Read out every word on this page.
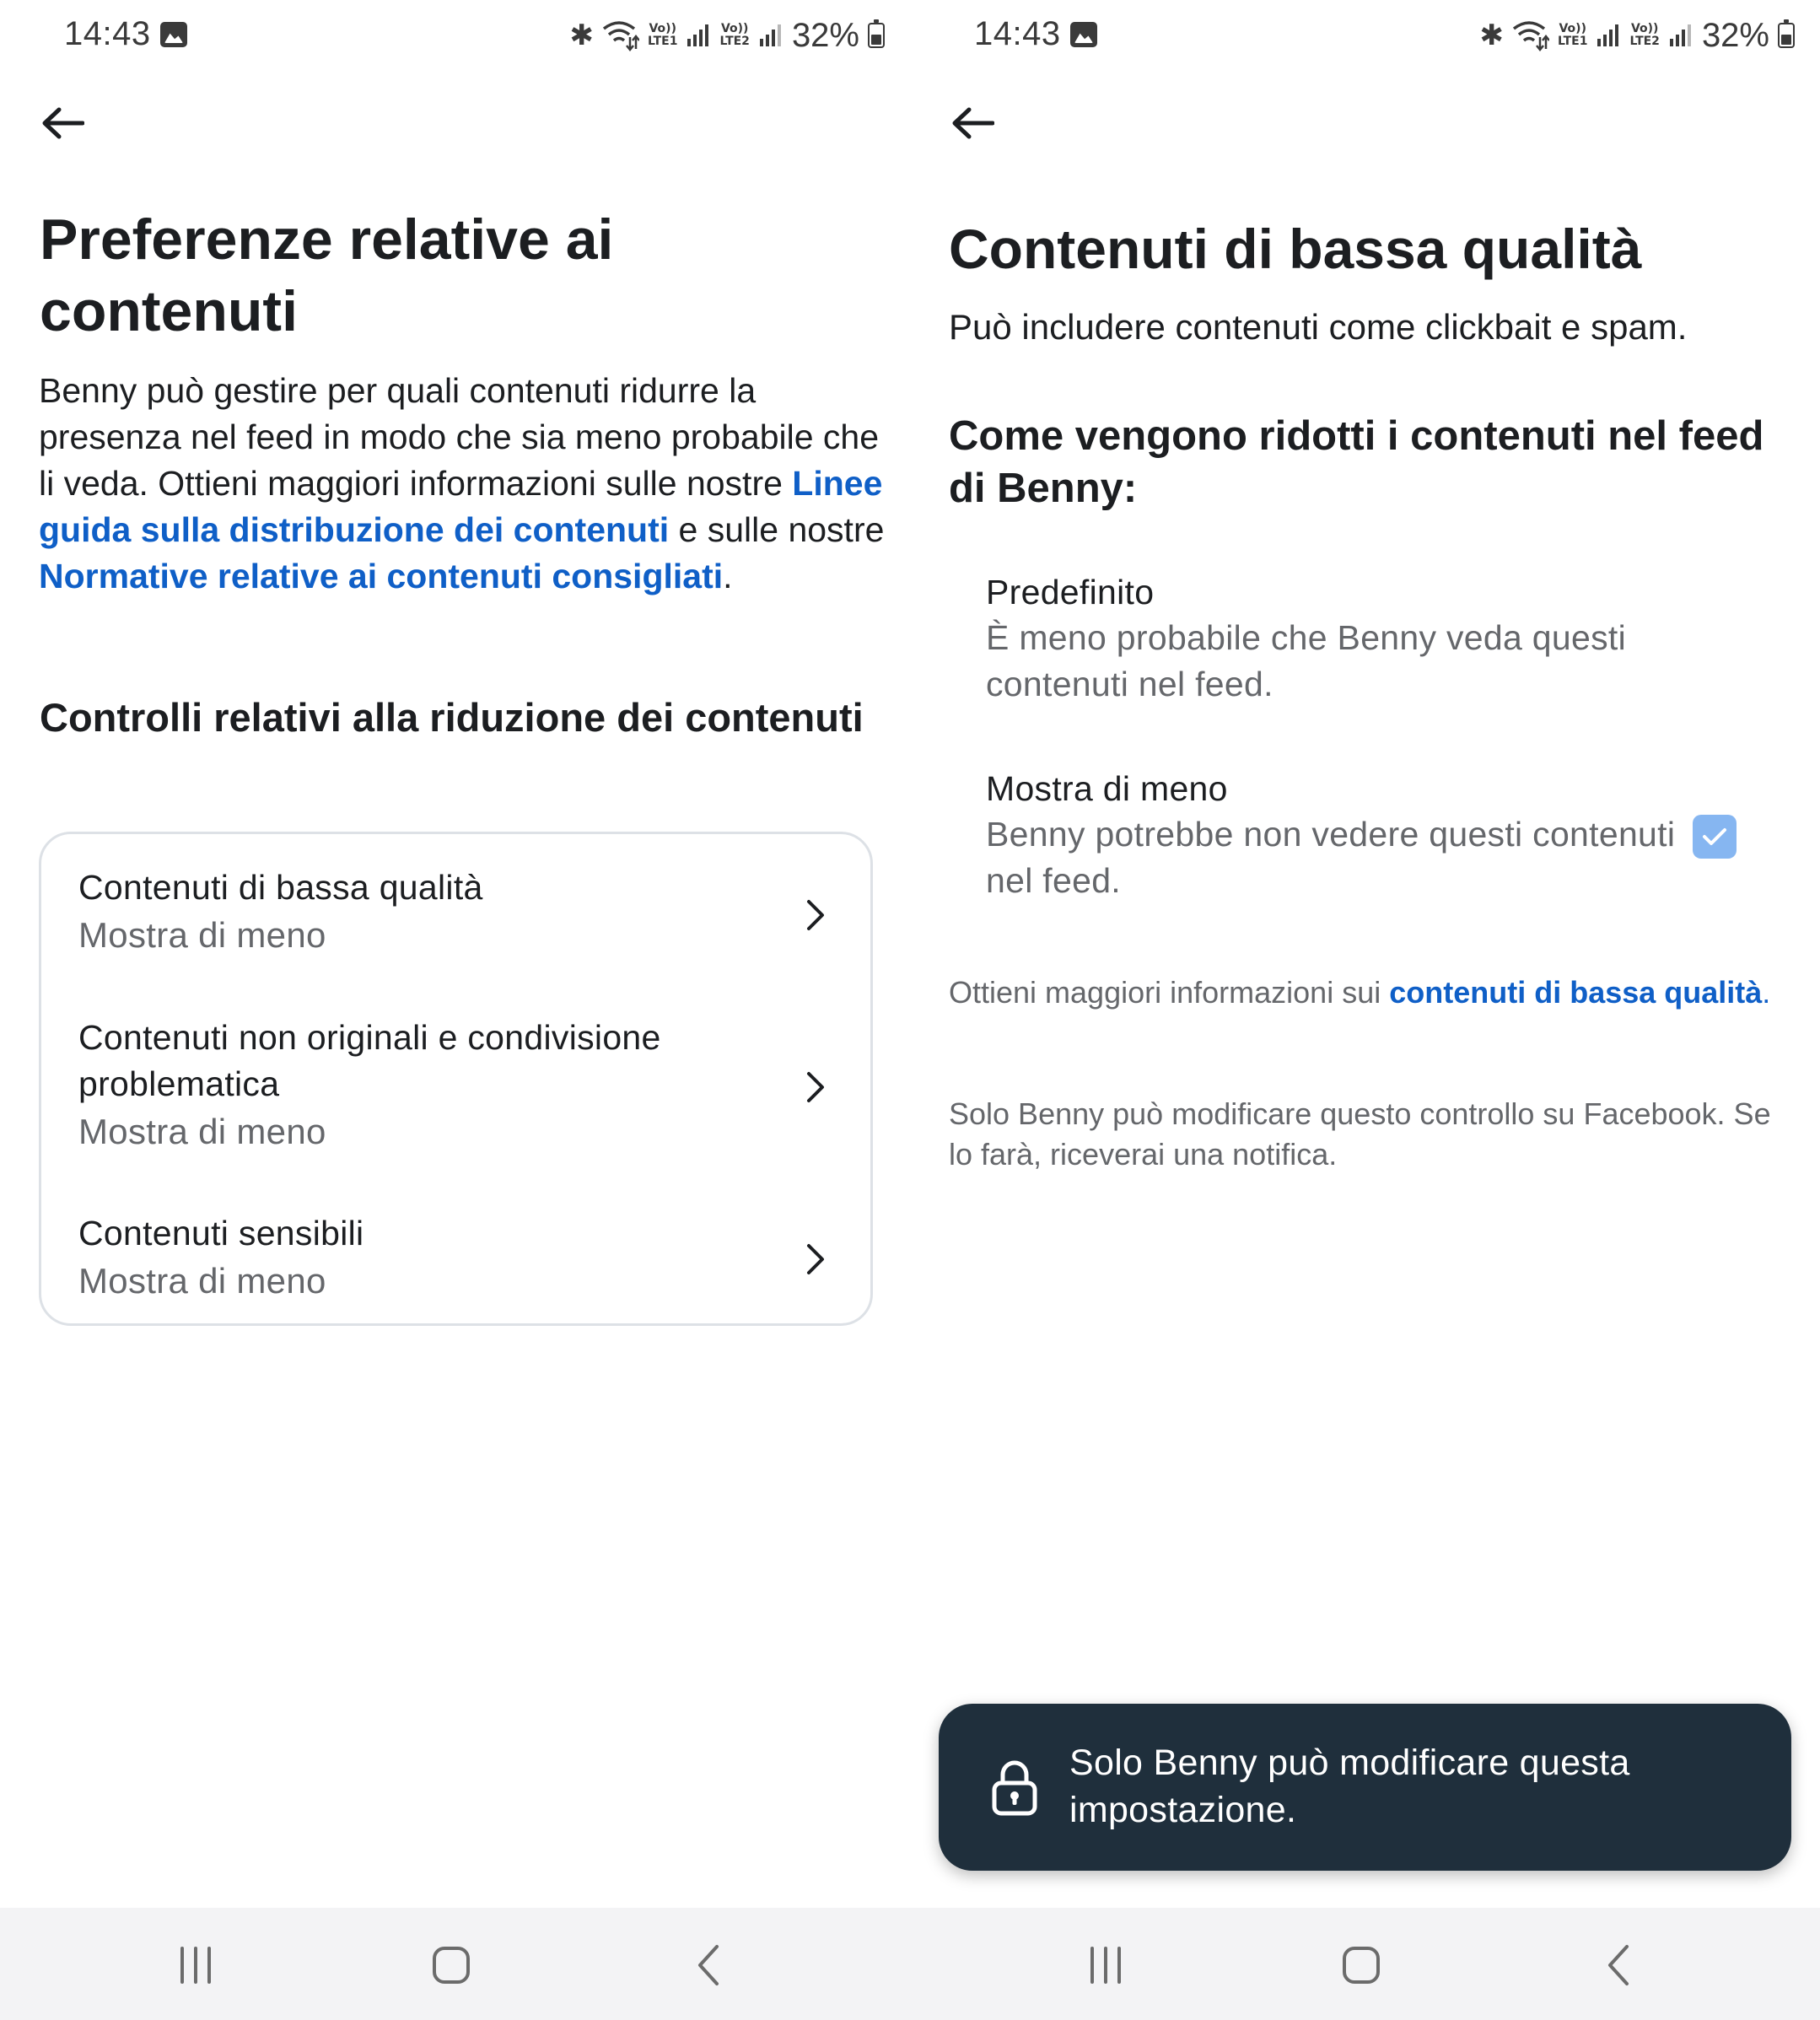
14:43	✱	Vo))
LTE1
Vo))
LTE2 32%
Preferenze relative ai contenuti

Benny può gestire per quali contenuti ridurre la presenza nel feed in modo che sia meno probabile che li veda. Ottieni maggiori informazioni sulle nostre Linee guida sulla distribuzione dei contenuti e sulle nostre Normative relative ai contenuti consigliati.

Controlli relativi alla riduzione dei contenuti
Contenuti di bassa qualità
Mostra di meno
Contenuti non originali e condivisione problematica
Mostra di meno
Contenuti sensibili
Mostra di meno
14:43	✱	Vo))
LTE1
Vo))
LTE2 32%
Contenuti di bassa qualità

Può includere contenuti come clickbait e spam.

Come vengono ridotti i contenuti nel feed di Benny:
Predefinito
È meno probabile che Benny veda questi contenuti nel feed.
Mostra di meno
Benny potrebbe non vedere questi contenuti nel feed.

Ottieni maggiori informazioni sui contenuti di bassa qualità.

Solo Benny può modificare questo controllo su Facebook. Se lo farà, riceverai una notifica.

Solo Benny può modificare questa impostazione.
